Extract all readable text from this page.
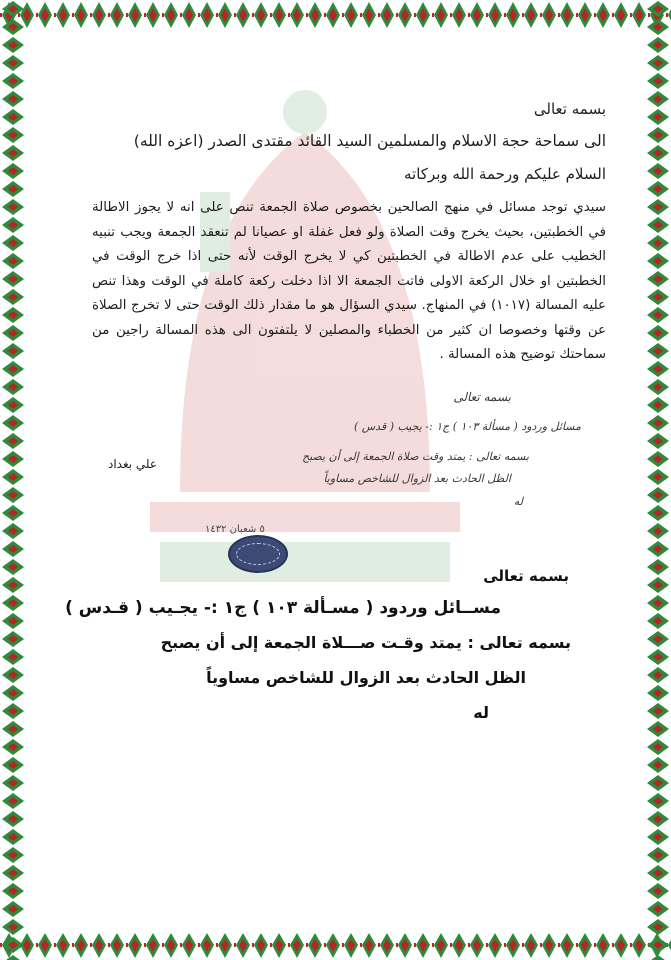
بسمه تعالى
الى سماحة حجة الاسلام والمسلمين السيد القائد مقتدى الصدر (اعزه الله)
السلام عليكم ورحمة الله وبركاته
سيدي توجد مسائل في منهج الصالحين بخصوص صلاة الجمعة تنص على انه لا يجوز الاطالة في الخطبتين، بحيث يخرج وقت الصلاة ولو فعل غفلة او عصيانا لم تنعقد الجمعة ويجب تنبيه الخطيب على عدم الاطالة في الخطبتين كي لا يخرج الوقت لأنه حتى اذا خرج الوقت في الخطبتين او خلال الركعة الاولى فاتت الجمعة الا اذا دخلت ركعة كاملة في الوقت وهذا تنص عليه المسالة (١٠١٧) في المنهاج. سيدي السؤال هو ما مقدار ذلك الوقت حتى لا تخرج الصلاة عن وقتها وخصوصا ان كثير من الخطباء والمصلين لا يلتفتون الى هذه المسالة راجين من سماحتك توضيح هذه المسالة .
بسمه تعالى
مسائل وردود ( مسألة ١٠٣ ) ج١ :- يجيب ( قدس )
بسمه تعالى : يمتد وقت صلاة الجمعة إلى أن يصبح
الظل الحادث بعد الزوال للشاخص مساوياً
له
علي بغداد
٥ شعبان ١٤٣٢
بسمه تعالى
مســائل وردود ( مسـألة ١٠٣ ) ج١ :- يجـيب ( قـدس )
بسمه تعالى : يمتد وقـت صـــلاة الجمعة إلى أن يصبح
الظل الحادث بعد الزوال للشاخص مساوياً
له
